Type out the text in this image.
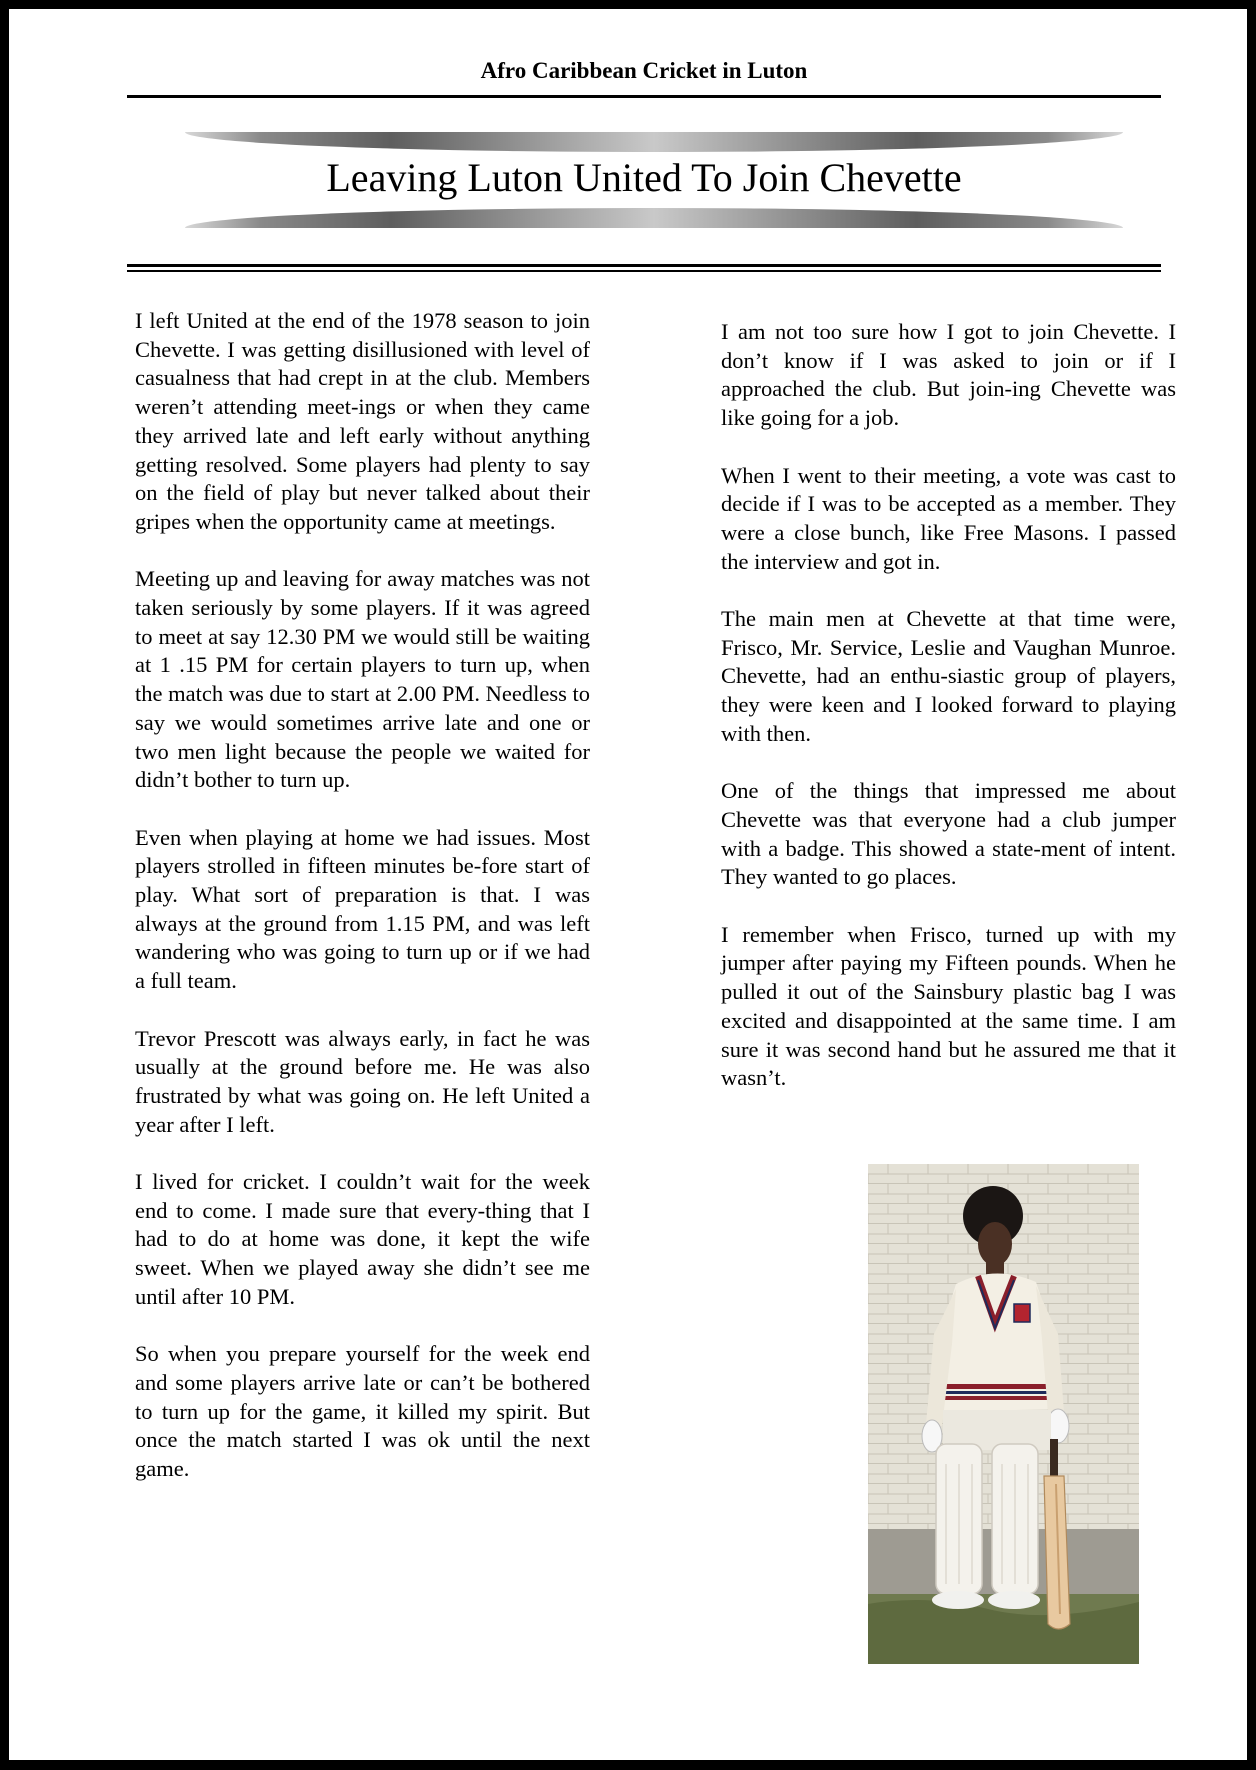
Afro Caribbean Cricket in Luton
Leaving Luton United To Join Chevette

I left United at the end of the 1978 season to join Chevette. I was getting disillusioned with level of casualness that had crept in at the club. Members weren’t attending meet-ings or when they came they arrived late and left early without anything getting resolved. Some players had plenty to say on the field of play but never talked about their gripes when the opportunity came at meetings.

Meeting up and leaving for away matches was not taken seriously by some players. If it was agreed to meet at say 12.30 PM we would still be waiting at 1 .15 PM for certain players to turn up, when the match was due to start at 2.00 PM. Needless to say we would sometimes arrive late and one or two men light because the people we waited for didn’t bother to turn up.

Even when playing at home we had issues. Most players strolled in fifteen minutes be-fore start of play. What sort of preparation is that. I was always at the ground from 1.15 PM, and was left wandering who was going to turn up or if we had a full team.

Trevor Prescott was always early, in fact he was usually at the ground before me. He was also frustrated by what was going on. He left United a year after I left.

I lived for cricket. I couldn’t wait for the week end to come. I made sure that every-thing that I had to do at home was done, it kept the wife sweet. When we played away she didn’t see me until after 10 PM.

So when you prepare yourself for the week end and some players arrive late or can’t be bothered to turn up for the game, it killed my spirit. But once the match started I was ok until the next game.

I am not too sure how I got to join Chevette. I don’t know if I was asked to join or if I approached the club. But join-ing Chevette was like going for a job.

When I went to their meeting, a vote was cast to decide if I was to be accepted as a member. They were a close bunch, like Free Masons. I passed the interview and got in.

The main men at Chevette at that time were, Frisco, Mr. Service, Leslie and Vaughan Munroe. Chevette, had an enthu-siastic group of players, they were keen and I looked forward to playing with then.

One of the things that impressed me about Chevette was that everyone had a club jumper with a badge. This showed a state-ment of intent. They wanted to go places.

I remember when Frisco, turned up with my jumper after paying my Fifteen pounds. When he pulled it out of the Sainsbury plastic bag I was excited and disappointed at the same time. I am sure it was second hand but he assured me that it wasn’t.
